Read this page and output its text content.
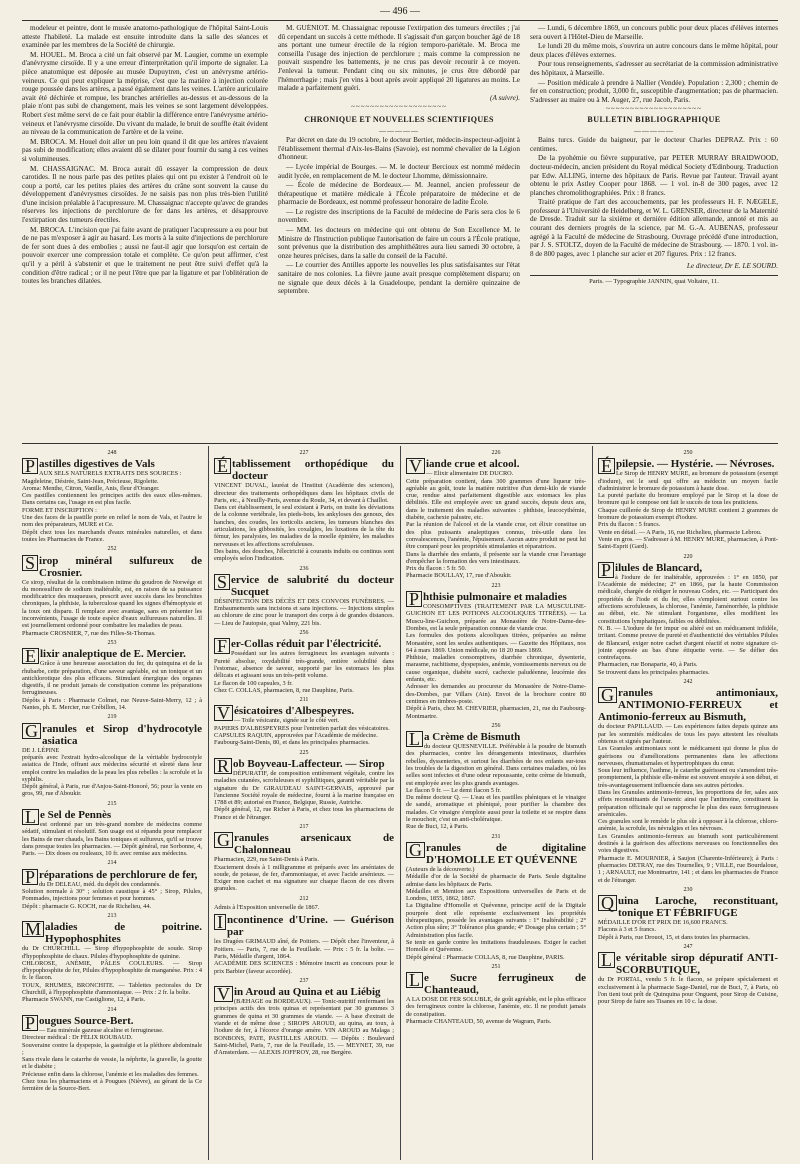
— 496 —

modeleur et peintre, dont le musée anatomo-pathologique de l'hôpital Saint-Louis atteste l'habileté. La malade est ensuite introduite dans la salle des séances et examinée par les membres de la Société de chirurgie.

M. HOUEL. M. Broca a cité un fait observé par M. Laugier, comme un exemple d'anévrysme cirsoïde. Il y a une erreur d'interprétation qu'il importe de signaler. La pièce anatomique est déposée au musée Dupuytren, c'est un anévrysme artério-veineux. Ce qui peut expliquer la méprise, c'est que la matière à injection colorée rouge poussée dans les artères, a passé également dans les veines. L'artère auriculaire avait été déchirée et rompue, les branches artérielles au-dessus et au-dessous de la plaie n'ont pas subi de changement, mais les veines se sont largement développées. Robert s'est même servi de ce fait pour établir la différence entre l'anévrysme artério-veineux et l'anévrysme cirsoïde. Du vivant du malade, le bruit de souffle était évident au niveau de la communication de l'artère et de la veine.

M. BROCA. M. Houel doit aller un peu loin quand il dit que les artères n'avaient pas subi de modification; elles avaient dû se dilater pour fournir du sang à ces veines si volumineuses.

M. CHASSAIGNAC. M. Broca aurait dû essayer la compression de deux carotides. Il ne nous parle pas des petites plaies qui ont pu exister à l'endroit où le coup a porté, car les petites plaies des artères du crâne sont souvent la cause du développement d'anévrysmes cirsoïdes. Je ne saisis pas non plus très-bien l'utilité d'une incision préalable à l'acupressure. M. Chassaignac n'accepte qu'avec de grandes réserves les injections de perchlorure de fer dans les artères, et désapprouve l'extirpation des tumeurs érectiles.

M. BROCA. L'incision que j'ai faite avant de pratiquer l'acupressure a eu pour but de ne pas m'exposer à agir au hasard. Les morts à la suite d'injections de perchlorure de fer sont dues à des embolies ; aussi ne faut-il agir que lorsqu'on est certain de pouvoir exercer une compression totale et complète. Ce qu'on peut affirmer, c'est qu'il y a péril à s'abstenir et que le traitement ne peut être suivi d'effet qu'à la condition d'être radical ; or il ne peut l'être que par la ligature et par l'oblitération de toutes les branches dilatées.

M. GUÉNIOT. M. Chassaignac repousse l'extirpation des tumeurs érectiles ; j'ai dû cependant un succès à cette méthode. Il s'agissait d'un garçon boucher âgé de 18 ans portant une tumeur érectile de la région temporo-pariétale. M. Broca me conseilla l'usage des injection de perchlorure ; mais comme la compression ne pouvait suspendre les battements, je ne crus pas devoir recourir à ce moyen. J'enlevai la tumeur. Pendant cinq ou six minutes, je crus être débordé par l'hémorrhagie ; mais j'en vins à bout après avoir appliqué 20 ligatures au moins. Le malade a parfaitement guéri.

(A suivre).

~~~~~~~~~~~~~~~~~~~~
CHRONIQUE ET NOUVELLES SCIENTIFIQUES
—————

Par décret en date du 19 octobre, le docteur Bertier, médecin-inspecteur-adjoint à l'établissement thermal d'Aix-les-Bains (Savoie), est nommé chevalier de la Légion d'honneur.

— Lycée impérial de Bourges. — M. le docteur Bercioux est nommé médecin audit lycée, en remplacement de M. le docteur Lhomme, démissionnaire.

— École de médecine de Bordeaux.— M. Jeannel, ancien professeur de thérapeutique et matière médicale à l'École préparatoire de médecine et de pharmacie de Bordeaux, est nommé professeur honoraire de ladite École.

— Le registre des inscriptions de la Faculté de médecine de Paris sera clos le 6 novembre.

— MM. les docteurs en médecine qui ont obtenu de Son Excellence M. le Ministre de l'Instruction publique l'autorisation de faire un cours à l'École pratique, sont prévenus que la distribution des amphithéâtres aura lieu samedi 30 octobre, à onze heures précises, dans la salle du conseil de la Faculté.

— Le courrier des Antilles apporte les nouvelles les plus satisfaisantes sur l'état sanitaire de nos colonies. La fièvre jaune avait presque complètement disparu; on ne signale que deux décès à la Guadeloupe, pendant la dernière quinzaine de septembre.

— Lundi, 6 décembre 1869, un concours public pour deux places d'élèves internes sera ouvert à l'Hôtel-Dieu de Marseille.

Le lundi 20 du même mois, s'ouvrira un autre concours dans le même hôpital, pour deux places d'élèves externes.

Pour tous renseignements, s'adresser au secrétariat de la commission administrative des hôpitaux, à Marseille.

— Position médicale à prendre à Nallier (Vendée). Population : 2,300 ; chemin de fer en construction; produit, 3,000 fr., susceptible d'augmentation; pas de pharmacien. S'adresser au maire ou à M. Auger, 27, rue Jacob, Paris.

~~~~~~~~~~~~~~~~~~~~
BULLETIN BIBLIOGRAPHIQUE
—————

Bains turcs. Guide du baigneur, par le docteur Charles DEPRAZ. Prix : 60 centimes.

De la pyohémie ou fièvre suppurative, par PETER MURRAY BRAIDWOOD, docteur-médecin, ancien président du Royal médical Society d'Edinbourg. Traduction par Edw. ALLING, interne des hôpitaux de Paris. Revue par l'auteur. Travail ayant obtenu le prix Astley Cooper pour 1868. — 1 vol. in-8 de 300 pages, avec 12 planches chromolithographiées. Prix : 8 francs.

Traité pratique de l'art des accouchements, par les professeurs H. F. NÆGELE, professeur à l'Université de Heidelberg, et W. L. GRENSER, directeur de la Maternité de Dresde. Traduit sur la sixième et dernière édition allemande, annoté et mis au courant des derniers progrès de la science, par M. G.-A. AUBENAS, professeur agrégé à la Faculté de médecine de Strasbourg. Ouvrage précédé d'une introduction, par J. S. STOLTZ, doyen de la Faculté de médecine de Strasbourg. — 1870. 1 vol. in-8 de 800 pages, avec 1 planche sur acier et 207 figures. Prix : 12 francs.

Le directeur, Dr E. LE SOURD.

Paris. — Typographie JANNIN, quai Voltaire, 11.
248
P astilles digestives de Vals

AUX SELS NATURELS EXTRAITS DES SOURCES :

Magdeleine, Désirée, Saint-Jean, Précieuse, Rigolette.

Aroma: Menthe, Citron, Vanille, Anis, fleur d'Oranger.

Ces pastilles contiennent les principes actifs des eaux elles-mêmes. Dans certains cas, l'usage en est plus facile.

FORME ET INSCRIPTION :

Une des faces de la pastille porte en relief le nom de Vals, et l'autre le nom des préparateurs, MURE et Ce.

Dépôt chez tous les marchands d'eaux minérales naturelles, et dans toutes les Pharmacies de France.

252
S irop minéral sulfureux de Crosnier.

Ce sirop, résultat de la combinaison intime du goudron de Norwége et du monosulfure de sodium inaltérable, est, en raison de sa puissance modificatrice des muqueuses, prescrit avec succès dans les bronchites chroniques, la phthisie, la tuberculose quand les signes d'hémoptysie et la toux ont disparu. Il remplace avec avantage, sans en présenter les inconvénients, l'usage de toute espèce d'eaux sulfureuses naturelles. Il est journellement ordonné pour combattre les maladies de peau.

Pharmacie CROSNIER, 7, rue des Filles-St-Thomas.

253
E lixir analeptique de E. Mercier.

Grâce à une heureuse association du fer, du quinquina et de la rhubarbe, cette préparation, d'une saveur agréable, est un tonique et un antichlorotique des plus efficaces. Stimulant énergique des organes digestifs, il ne produit jamais de constipation comme les préparations ferrugineuses.

Dépôts à Paris : Pharmacie Colmet, rue Neuve-Saint-Merry, 12 ; à Nantes, ph. E. Mercier, rue Crébillon, 14.

219
G ranules et Sirop d'hydrocotyle asiatica

DE J. LÉPINE

préparés avec l'extrait hydro-alcoolique de la véritable hydrocotyle asiatica de l'Inde, offrant aux médecins sécurité et sûreté dans leur emploi contre les maladies de la peau les plus rebelles : la scrofule et la syphilis.

Dépôt général, à Paris, rue d'Anjou-Saint-Honoré, 56; pour la vente en gros, 99, rue d'Aboukir.

215
L e Sel de Pennès

est ordonné par un très-grand nombre de médecins comme sédatif, stimulant et résolutif. Son usage est si répandu pour remplacer les Bains de mer chauds, les Bains toniques et sulfureux, qu'il se trouve dans presque toutes les pharmacies. — Dépôt général, rue Sorbonne, 4, Paris. — Dix doses ou rouleaux, 10 fr. avec remise aux médecins.

214
P réparations de perchlorure de fer,

du Dr DELEAU, méd. du dépôt des condamnés.

Solution normale à 30° ; solution caustique à 45° ; Sirop, Pilules, Pommades, injections pour femmes et pour hommes.

Dépôt : pharmacie G. KOCH, rue de Richelieu, 44.

213
M aladies de poitrine. Hypophosphites

du Dr CHURCHILL. — Sirop d'hypophosphite de soude. Sirop d'hypophosphite de chaux. Pilules d'hypophosphite de quinine.

CHLOROSE, ANÉMIE, PÂLES COULEURS. — Sirop d'hypophosphite de fer, Pilules d'hypophosphite de manganèse. Prix : 4 fr. le flacon.

TOUX, RHUMES, BRONCHITE. — Tablettes pectorales du Dr Churchill, à l'hypophosphite d'ammoniaque. — Prix : 2 fr. la boîte.

Pharmacie SWANN, rue Castiglione, 12, à Paris.

214
P ougues Source-Bert.

— Eau minérale gazeuse alcaline et ferrugineuse.

Directeur médical : Dr FÉLIX ROUBAUD.

Souveraine contre la dyspepsie, la gastralgie et la pléthore abdominale ;

Sans rivale dans le catarrhe de vessie, la néphrite, la gravelle, la goutte et le diabète ;

Précieuse enfin dans la chlorose, l'anémie et les maladies des femmes.

Chez tous les pharmaciens et à Pougues (Nièvre), au gérant de la Ce fermière de la Source-Bert.

227
É tablissement orthopédique du docteur

VINCENT DUVAL, lauréat de l'Institut (Académie des sciences), directeur des traitements orthopédiques dans les hôpitaux civils de Paris, etc., à Neuilly-Paris, avenue du Roule, 34, et devant à Chaillot.

Dans cet établissement, le seul existant à Paris, on traite les déviations de la colonne vertébrale, les pieds-bots, les ankyloses des genoux, des hanches, des coudes, les torticolis anciens, les tumeurs blanches des articulations, les gibbosités, les coxalgies, les luxations de la tête du fémur, les paralysies, les maladies de la moelle épinière, les maladies nerveuses et les affections scrofuleuses.

Des bains, des douches, l'électricité à courants induits ou continus sont employés selon l'indication.

236
S ervice de salubrité du docteur Sucquet

DÉSINFECTION DES DÉCÈS ET DES CONVOIS FUNÈBRES. — Embaumements sans incisions et sans injections. — Injections simples au chlorure de zinc pour le transport des corps à de grandes distances. — Lieu de l'autopsie, quai Valmy, 221 bis.

256
F er-Collas réduit par l'électricité.

Possédant sur les autres ferrugineux les avantages suivants : Pureté absolue, oxydabilité très-grande, entière solubilité dans l'estomac, absence de saveur, supporté par les estomacs les plus délicats et agissant sous un très-petit volume.

Le flacon de 100 capsules, 3 fr.

Chez C. COLLAS, pharmacien, 8, rue Dauphine, Paris.

211
V ésicatoires d'Albespeyres.

— Toile vésicante, signée sur le côté vert.

PAPIERS D'ALBESPEYRES pour l'entretien parfait des vésicatoires.

CAPSULES RAQUIN, approuvées par l'Académie de médecine.

Faubourg-Saint-Denis, 80, et dans les principales pharmacies.

225
R ob Boyveau-Laffecteur. — Sirop

DÉPURATIF, de composition entièrement végétale, contre les maladies cutanées, scrofuleuses et syphilitiques, garanti véritable par la signature du Dr GIRAUDEAU SAINT-GERVAIS, approuvé par l'ancienne Société royale de médecine, fourni à la marine française en 1788 et 89; autorisé en France, Belgique, Russie, Autriche.

Dépôt général, 12, rue Richer à Paris, et chez tous les pharmaciens de France et de l'étranger.

217
G ranules arsenicaux de Chalonneau

Pharmacien, 229, rue Saint-Denis à Paris.

Exactement dosés à 1 milligramme et préparés avec les arséniates de soude, de potasse, de fer, d'ammoniaque, et avec l'acide arsénieux. — Exiger mon cachet et ma signature sur chaque flacon de ces divers granules.

212

Admis à l'Exposition universelle de 1867.

I ncontinence d'Urine. — Guérison par

les Dragées GRIMAUD aîné, de Poitiers. — Dépôt chez l'inventeur, à Poitiers. — Paris, 7, rue de la Feuillade. — Prix : 5 fr. la boîte. — Paris, Médaille d'argent, 1864.

ACADÉMIE DES SCIENCES : Mémoire inscrit au concours pour le prix Barbier (faveur accordée).

237
V in Aroud au Quina et au Liébig

(BÆHAGE ou BORDEAUX). — Tonic-nutritif renfermant les principes actifs des trois quinas et représentant par 30 grammes 3 grammes de quina et 30 grammes de viande. — A base d'extrait de viande et de même dose ; SIROPS AROUD, au quina, au toux, à l'iodure de fer, à l'écorce d'orange amère. VIN AROUD au Malaga ; BONBONS, PATE, PASTILLES AROUD. — Dépôts : Boulevard Saint-Michel, Paris, 7, rue de la Feuillade, 15. — MEYNET, 39, rue d'Amsterdam. — ALEXIS JOFFROY, 28, rue Bergère.

226
V iande crue et alcool.

— Elixir alimentaire DE DUCRO.

Cette préparation contient, dans 300 grammes d'une liqueur très-agréable au goût, toute la matière nutritive d'un demi-kilo de viande crue, rendue ainsi parfaitement digestible aux estomacs les plus débilités. Elle est employée avec un grand succès, depuis deux ans, dans le traitement des maladies suivantes : phthisie, leucocythémie, diabète, cachexie palustre, etc.

Par la réunion de l'alcool et de la viande crue, cet élixir constitue un des plus puissants analeptiques connus, très-utile dans les convalescences, l'anémie, l'épuisement. Aucun autre produit ne peut lui être comparé pour les propriétés stimulantes et réparatrices.

Dans la diarrhée des enfants, il présente sur la viande crue l'avantage d'empêcher la formation des vers intestinaux.

Prix du flacon : 5 fr. 50.

Pharmacie BOULLAY, 17, rue d'Aboukir.

223
P hthisie pulmonaire et maladies

CONSOMPTIVES (TRAITEMENT PAR LA MUSCULINE-GUICHON ET LES POTIONS ALCOOLIQUES TITRÉES). — La Muscu-line-Guichon, préparée au Monastère de Notre-Dame-des-Dombes, est la seule préparation connue de viande crue.

Les formules des potions alcooliques titrées, préparées au même Monastère, sont les seules authentiques. — Gazette des Hôpitaux, nos 64 à mars 1869. Union médicale, no 18 20 mars 1869.

Phthisie, maladies consomptives, diarrhée chronique, dysenterie, marasme, rachitisme, dyspepsies, anémie, vomissements nerveux ou de cause organique, diabète sucré, cachexie paludéenne, leucémie des enfants, etc.

Adresser les demandes au procureur du Monastère de Notre-Dame-des-Dombes, par Villars (Ain). Envoi de la brochure contre 80 centimes en timbres-poste.

Dépôt à Paris, chez M. CHEVRIER, pharmacien, 21, rue du Faubourg-Montmartre.

256
L a Crème de Bismuth

du docteur QUESNEVILLE. Préférable à la poudre de bismuth des pharmacies, contre les dérangements intestinaux, diarrhées rebelles, dyssenteries, et surtout les diarrhées de nos enfants sur-tous les troubles de la digestion en général. Dans certaines maladies, où les selles sont infectes et d'une odeur repoussante, cette crème de bismuth, est employée avec les plus grands avantages.

Le flacon 9 fr. — Le demi flacon 5 fr.

Du même docteur Q. — L'eau et les pastilles phéniques et le vinaigre de sandé, aromatique et phéniqué, pour purifier la chambre des malades. Ce vinaigre s'emploie aussi pour la toilette et se respire dans le mouchoir, c'est un anti-choléraique.

Rue de Buci, 12, à Paris.

231
G ranules de digitaline D'HOMOLLE ET QUÉVENNE

(Auteurs de la découverte.)

Médaille d'or de la Société de pharmacie de Paris. Seule digitaline admise dans les hôpitaux de Paris.

Médailles et Mention aux Expositions universelles de Paris et de Londres, 1855, 1862, 1867.

La Digitaline d'Homolle et Quévenne, principe actif de la Digitale pourprée dont elle représente exclusivement les propriétés thérapeutiques, possède les avantages suivants : 1° Inaltérabilité ; 2° Action plus sûre; 3° Tolérance plus grande; 4° Dosage plus certain ; 5° Administration plus facile.

Se tenir en garde contre les imitations frauduleuses. Exiger le cachet Homolle et Quévenne.

Dépôt général : Pharmacie COLLAS, 8, rue Dauphine, PARIS.

251
L e Sucre ferrugineux de Chanteaud,

A LA DOSE DE FER SOLUBLE, de goût agréable, est le plus efficace des ferrugineux contre la chlorose, l'anémie, etc. Il ne produit jamais de constipation.

Pharmacie CHANTEAUD, 50, avenue de Wagram, Paris.

250
É pilepsie. — Hystérie. — Névroses.

Le Sirop de HENRY MURE, au bromure de potassium (exempt d'iodure), est le seul qui offre au médecin un moyen facile d'administrer le bromure de potassium à haute dose.

La pureté parfaite du bromure employé par le Sirop et la dose de bromure qui le compose ont fait le succès de tous les praticiens.

Chaque cuillerée de Sirop de HENRY MURE contient 2 grammes de bromure de potassium exempt d'iodure.

Prix du flacon : 5 francs.

Vente en détail. — A Paris, 16, rue Richelieu, pharmacie Lebrou.

Vente en gros. — S'adresser à M. HENRY MURE, pharmacien, à Pont-Saint-Esprit (Gard).

220
P ilules de Blancard,

à l'iodure de fer inaltérable, approuvées : 1° en 1850, par l'Académie de médecine; 2° en 1866, par la haute Commission médicale, chargée de rédiger le nouveau Codex, etc. — Participant des propriétés de l'iode et du fer, elles s'emploient surtout contre les affections scrofuleuses, la chlorose, l'anémie, l'aménorrhée, la phthisie au début, etc. Ne stimulant l'organisme, elles modifient les constitutions lymphatiques, faibles ou débilitées.

N. B. — L'iodure de fer impur ou altéré est un médicament infidèle, irritant. Comme preuve de pureté et d'authenticité des véritables Pilules de Blancard, exiger notre cachet d'argent réactif et notre signature ci-jointe apposée au bas d'une étiquette verte. — Se défier des contrefaçons.

Pharmacien, rue Bonaparte, 40, à Paris.

Se trouvent dans les principales pharmacies.

242
G ranules antimoniaux, ANTIMONIO-FERREUX et Antimonio-ferreux au Bismuth,

du docteur PAPILLAUD. — Les expériences faites depuis quinze ans par les sommités médicales de tous les pays attestent les résultats obtenus et signés par l'auteur.

Les Granules antimoniaux sont le médicament qui donne le plus de guérisons ou d'améliorations permanentes dans les affections nerveuses, rhumatismales et hypertrophiques du cœur.

Sous leur influence, l'asthme, le catarrhe guérissent ou s'amendent très-promptement, la phthisie elle-même est souvent enrayée à son début, et très-avantageusement influencée dans ses autres périodes.

Dans les Granules antimonio-ferreux, les proportions de fer, sales aux effets reconstituants de l'arsenic ainsi que l'antimoine, constituent la préparation officinale qui se rapproche le plus des eaux ferrugineuses arsénicales.

Ces granules sont le remède le plus sûr à opposer à la chlorose, chloro-anémie, la scrofule, les névralgies et les névroses.

Les Granules antimonio-ferreux au bismuth sont particulièrement destinés à la guérison des affections nerveuses ou fonctionnelles des voies digestives.

Pharmacie E. MOURNIER, à Saujon (Charente-Inférieure); à Paris : pharmacies DETRAY, rue des Tournelles, 9 ; VILLE, rue Bourdaloue, 1 ; ARNAULT, rue Montmartre, 141 ; et dans les pharmacies de France et de l'étranger.

230
Q uina Laroche, reconstituant, tonique ET FÉBRIFUGE

MÉDAILLE D'OR ET PRIX DE 16,600 FRANCS.

Flacons à 3 et 5 francs.

Dépôt à Paris, rue Drouot, 15, et dans toutes les pharmacies.

247
L e véritable sirop dépuratif ANTI-SCORBUTIQUE,

du Dr PORTAL, vendu 5 fr. le flacon, se prépare spécialement et exclusivement à la pharmacie Sage-Daniel, rue de Buci, 7, à Paris, où l'on tient tout prêt de Quinquina pour Onguent, pour Sirop de Cuisine, pour Sirop de faire ses Tisanes en 10 c. la dose.
